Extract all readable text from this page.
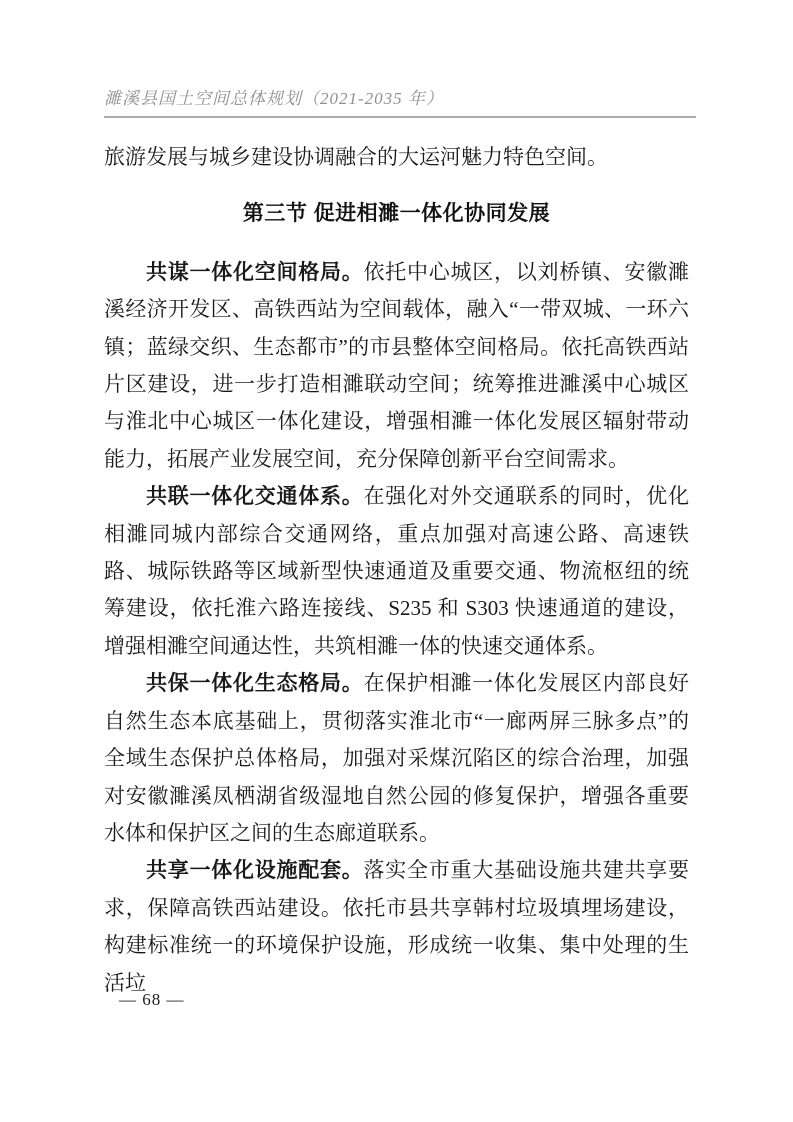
濉溪县国土空间总体规划（2021-2035 年）

旅游发展与城乡建设协调融合的大运河魅力特色空间。

第三节 促进相濉一体化协同发展

共谋一体化空间格局。依托中心城区，以刘桥镇、安徽濉溪经济开发区、高铁西站为空间载体，融入“一带双城、一环六镇；蓝绿交织、生态都市”的市县整体空间格局。依托高铁西站片区建设，进一步打造相濉联动空间；统筹推进濉溪中心城区与淮北中心城区一体化建设，增强相濉一体化发展区辐射带动能力，拓展产业发展空间，充分保障创新平台空间需求。

共联一体化交通体系。在强化对外交通联系的同时，优化相濉同城内部综合交通网络，重点加强对高速公路、高速铁路、城际铁路等区域新型快速通道及重要交通、物流枢纽的统筹建设，依托淮六路连接线、S235 和 S303 快速通道的建设，增强相濉空间通达性，共筑相濉一体的快速交通体系。

共保一体化生态格局。在保护相濉一体化发展区内部良好自然生态本底基础上，贯彻落实淮北市“一廊两屏三脉多点”的全域生态保护总体格局，加强对采煤沉陷区的综合治理，加强对安徽濉溪凤栖湖省级湿地自然公园的修复保护，增强各重要水体和保护区之间的生态廊道联系。

共享一体化设施配套。落实全市重大基础设施共建共享要求，保障高铁西站建设。依托市县共享韩村垃圾填埋场建设，构建标准统一的环境保护设施，形成统一收集、集中处理的生活垃

— 68 —
